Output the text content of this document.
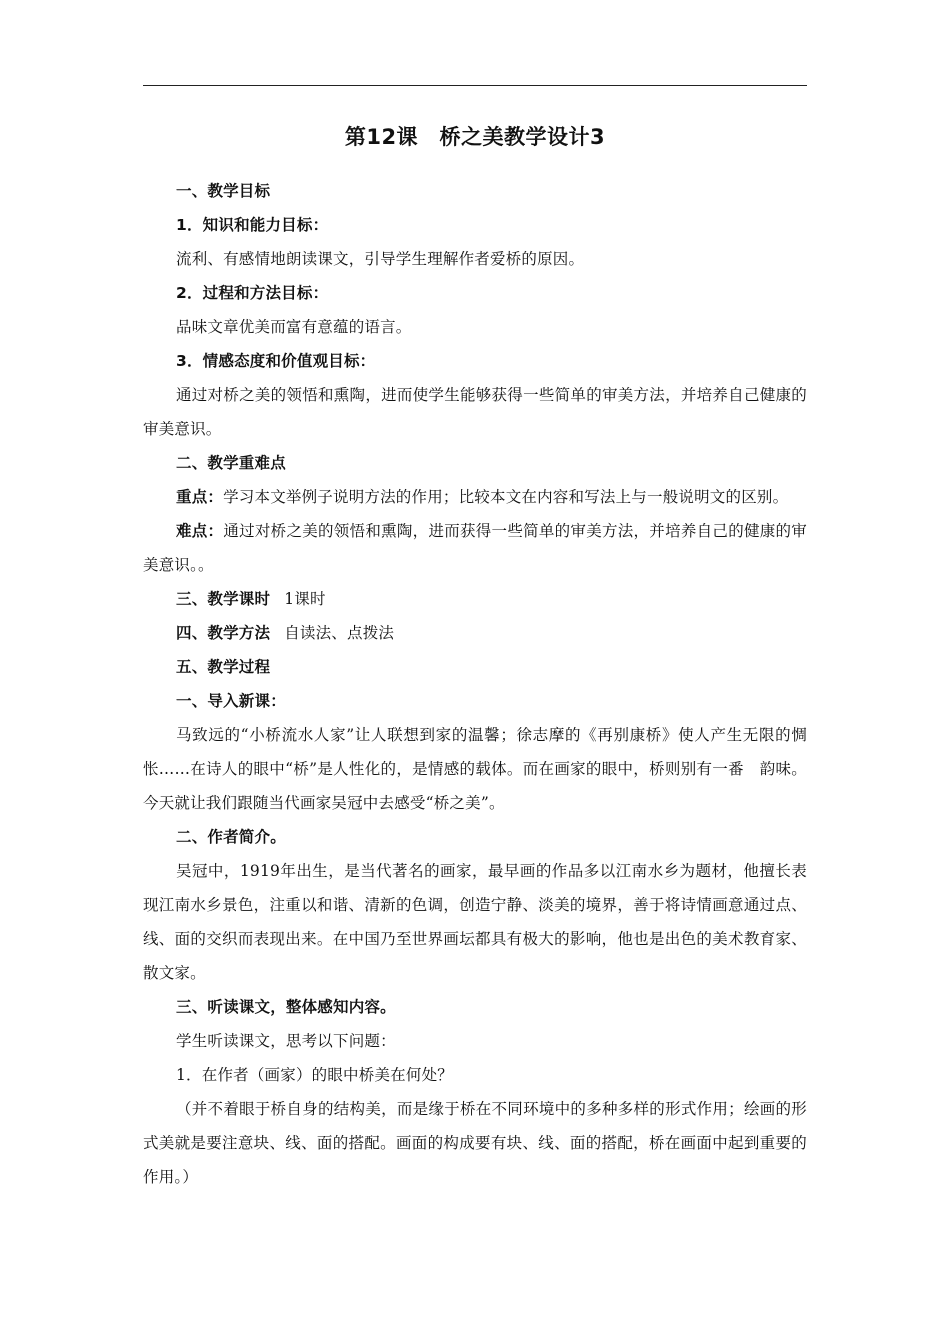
第12课　桥之美教学设计3

一、教学目标

1．知识和能力目标：

流利、有感情地朗读课文，引导学生理解作者爱桥的原因。

2．过程和方法目标：

品味文章优美而富有意蕴的语言。

3．情感态度和价值观目标：

通过对桥之美的领悟和熏陶，进而使学生能够获得一些简单的审美方法，并培养自己健康的审美意识。

二、教学重难点

重点：学习本文举例子说明方法的作用；比较本文在内容和写法上与一般说明文的区别。

难点：通过对桥之美的领悟和熏陶，进而获得一些简单的审美方法，并培养自己的健康的审美意识。。

三、教学课时 1课时

四、教学方法 自读法、点拨法

五、教学过程

一、导入新课：

马致远的“小桥流水人家”让人联想到家的温馨；徐志摩的《再别康桥》使人产生无限的惆怅……在诗人的眼中“桥”是人性化的，是情感的载体。而在画家的眼中，桥则别有一番　韵味。今天就让我们跟随当代画家吴冠中去感受“桥之美”。

二、作者简介。

吴冠中，1919年出生，是当代著名的画家，最早画的作品多以江南水乡为题材，他擅长表现江南水乡景色，注重以和谐、清新的色调，创造宁静、淡美的境界，善于将诗情画意通过点、线、面的交织而表现出来。在中国乃至世界画坛都具有极大的影响，他也是出色的美术教育家、散文家。

三、听读课文，整体感知内容。

学生听读课文，思考以下问题：

1．在作者（画家）的眼中桥美在何处？

（并不着眼于桥自身的结构美，而是缘于桥在不同环境中的多种多样的形式作用；绘画的形式美就是要注意块、线、面的搭配。画面的构成要有块、线、面的搭配，桥在画面中起到重要的作用。）
